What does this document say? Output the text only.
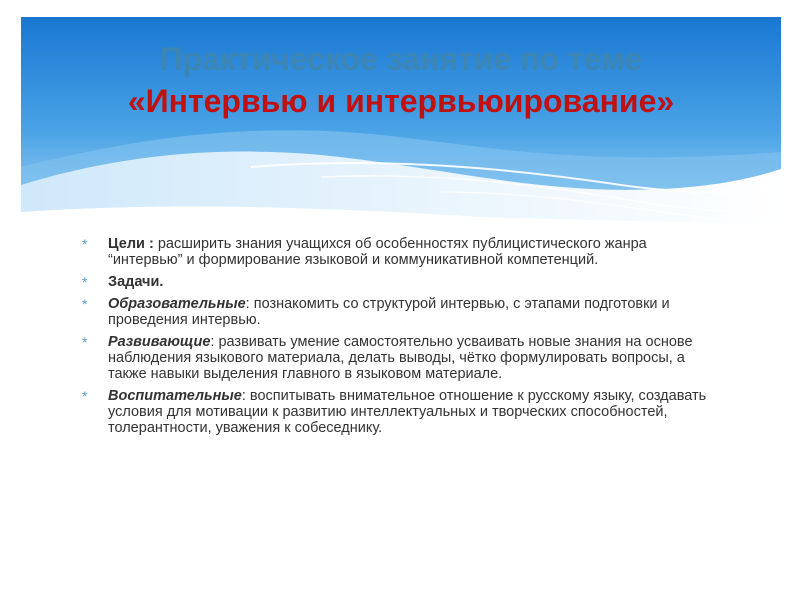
Практическое занятие по теме
«Интервью и интервьюирование»
* Цели : расширить знания учащихся об особенностях публицистического жанра “интервью” и формирование языковой и коммуникативной компетенций.
* Задачи.
* Образовательные: познакомить со структурой интервью, с этапами подготовки и проведения интервью.
* Развивающие: развивать умение самостоятельно усваивать новые знания на основе наблюдения языкового материала, делать выводы, чётко формулировать вопросы, а также навыки выделения главного в языковом материале.
* Воспитательные: воспитывать внимательное отношение к русскому языку, создавать условия для мотивации к развитию интеллектуальных и творческих способностей, толерантности, уважения к собеседнику.
